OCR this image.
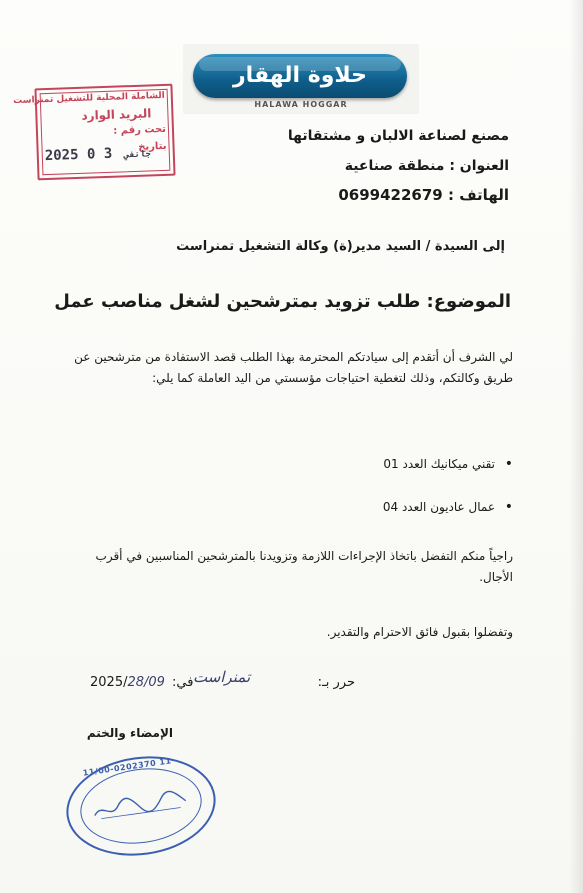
حلاوة الهقار
HALAWA HOGGAR
الشاملة المحلية للتشغيل تمنراست
البريد الوارد
تحت رقم :
بتاريخ
2025	جانفي 3 0
مصنع لصناعة الالبان و مشتقاتها
العنوان : منطقة صناعية
الهاتف : 0699422679
إلى السيدة / السيد مدير(ة) وكالة التشغيل تمنراست
الموضوع: طلب تزويد بمترشحين لشغل مناصب عمل
لي الشرف أن أتقدم إلى سيادتكم المحترمة بهذا الطلب قصد الاستفادة من مترشحين عن طريق وكالتكم، وذلك لتغطية احتياجات مؤسستي من اليد العاملة كما يلي:
تقني ميكانيك العدد 01 •
عمال عاديون العدد 04 •
راجياً منكم التفضل باتخاذ الإجراءات اللازمة وتزويدنا بالمترشحين المناسبين في أقرب الأجال.
وتفضلوا بقبول فائق الاحترام والتقدير.
حرر بـ:
تمنراست
في:
2025/28/09
الإمضاء والختم
11/00-0202370 11
